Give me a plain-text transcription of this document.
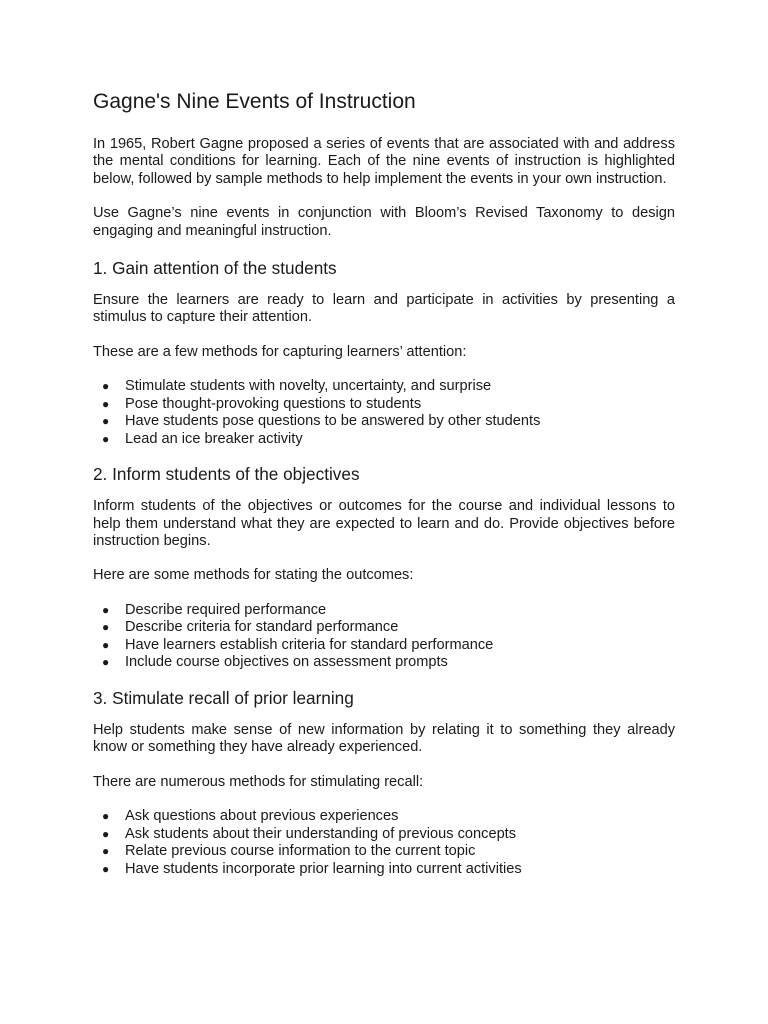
Gagne's Nine Events of Instruction

In 1965, Robert Gagne proposed a series of events that are associated with and address the mental conditions for learning. Each of the nine events of instruction is highlighted below, followed by sample methods to help implement the events in your own instruction.

Use Gagne’s nine events in conjunction with Bloom’s Revised Taxonomy to design engaging and meaningful instruction.

1. Gain attention of the students

Ensure the learners are ready to learn and participate in activities by presenting a stimulus to capture their attention.

These are a few methods for capturing learners’ attention:

● Stimulate students with novelty, uncertainty, and surprise
● Pose thought-provoking questions to students
● Have students pose questions to be answered by other students
● Lead an ice breaker activity
2. Inform students of the objectives

Inform students of the objectives or outcomes for the course and individual lessons to help them understand what they are expected to learn and do. Provide objectives before instruction begins.

Here are some methods for stating the outcomes:

● Describe required performance
● Describe criteria for standard performance
● Have learners establish criteria for standard performance
● Include course objectives on assessment prompts
3. Stimulate recall of prior learning

Help students make sense of new information by relating it to something they already know or something they have already experienced.

There are numerous methods for stimulating recall:

● Ask questions about previous experiences
● Ask students about their understanding of previous concepts
● Relate previous course information to the current topic
● Have students incorporate prior learning into current activities
